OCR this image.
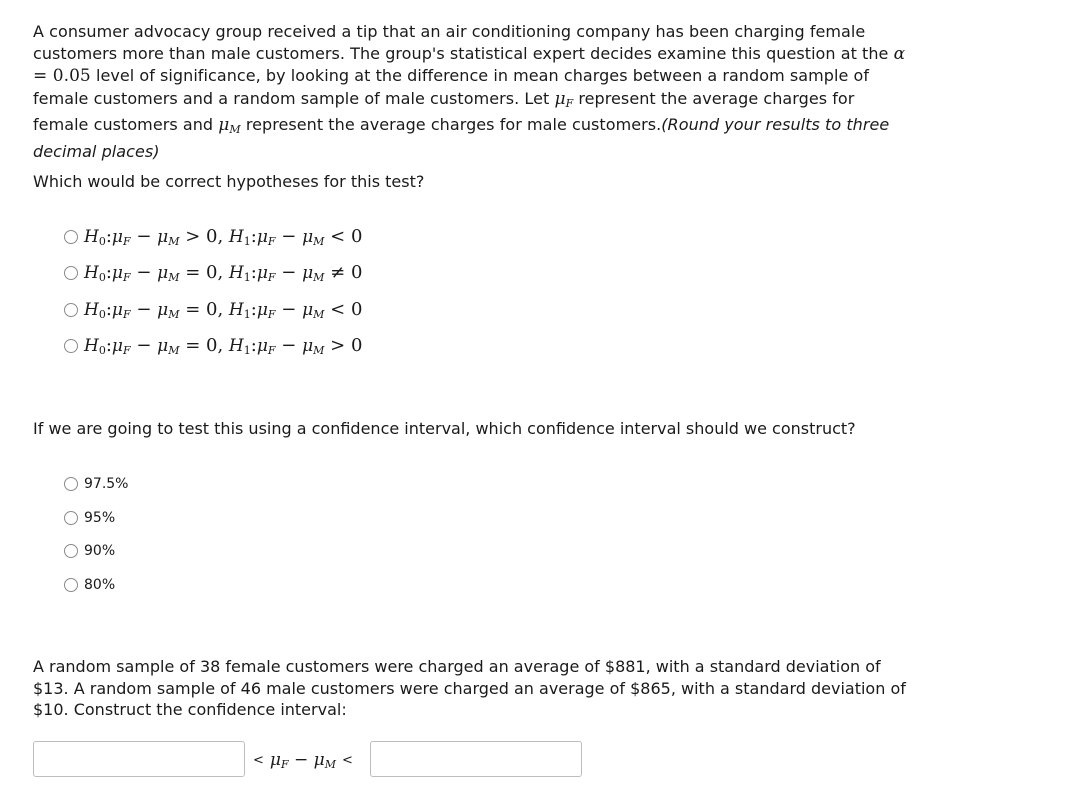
A consumer advocacy group received a tip that an air conditioning company has been charging female customers more than male customers. The group's statistical expert decides examine this question at the α = 0.05 level of significance, by looking at the difference in mean charges between a random sample of female customers and a random sample of male customers. Let $\mu_F$ represent the average charges for female customers and $\mu_M$ represent the average charges for male customers.(Round your results to three decimal places)
Which would be correct hypotheses for this test?
$H0:\mu_F - \mu_M > 0$, $H1:\mu_F - \mu_M < 0$
$H0:\mu_F - \mu_M = 0$, $H1:\mu_F - \mu_M \ne 0$
$H0:\mu_F - \mu_M = 0$, $H1:\mu_F - \mu_M < 0$
$H0:\mu_F - \mu_M = 0$, $H1:\mu_F - \mu_M > 0$
If we are going to test this using a confidence interval, which confidence interval should we construct?
97.5%
95%
90%
80%
A random sample of 38 female customers were charged an average of $881, with a standard deviation of $13. A random sample of 46 male customers were charged an average of $865, with a standard deviation of $10. Construct the confidence interval:
< $\mu_F - \mu_M$ <
